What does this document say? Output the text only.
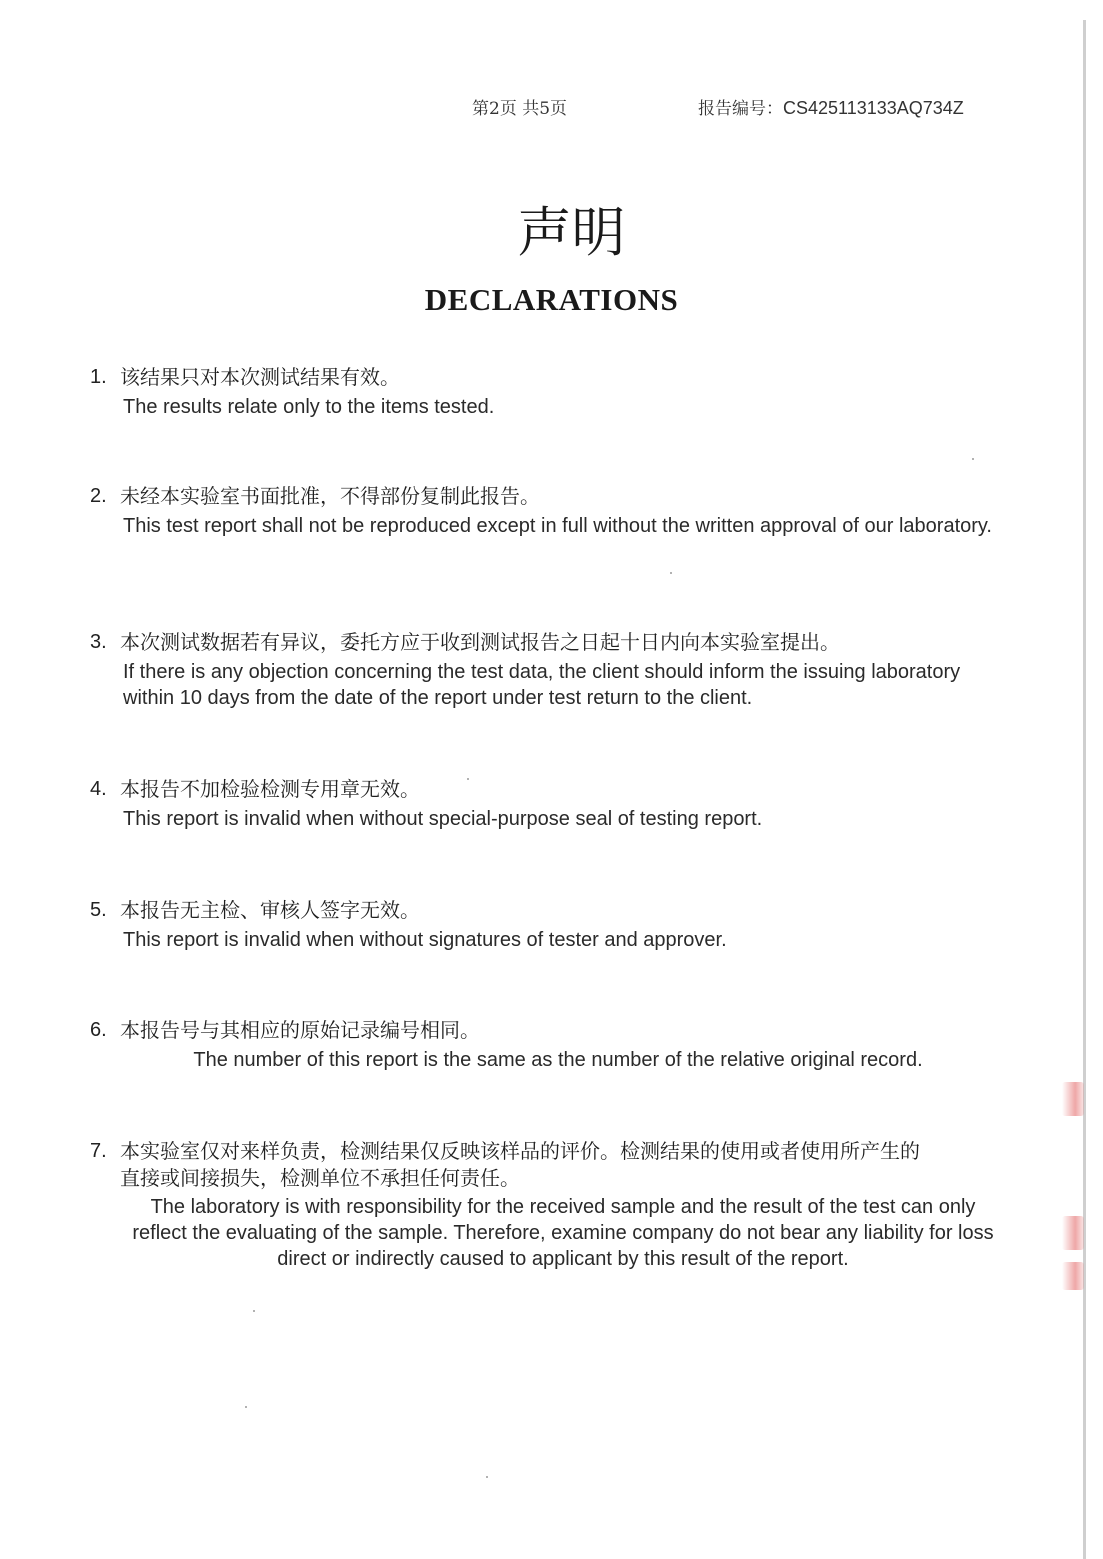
第2页 共5页	报告编号：CS425113133AQ734Z
声明
DECLARATIONS
1. 该结果只对本次测试结果有效。
The results relate only to the items tested.
2. 未经本实验室书面批准，不得部份复制此报告。
This test report shall not be reproduced except in full without the written approval of our laboratory.
3. 本次测试数据若有异议，委托方应于收到测试报告之日起十日内向本实验室提出。
If there is any objection concerning the test data, the client should inform the issuing laboratory within 10 days from the date of the report under test return to the client.
4. 本报告不加检验检测专用章无效。
This report is invalid when without special-purpose seal of testing report.
5. 本报告无主检、审核人签字无效。
This report is invalid when without signatures of tester and approver.
6. 本报告号与其相应的原始记录编号相同。
The number of this report is the same as the number of the relative original record.
7. 本实验室仅对来样负责，检测结果仅反映该样品的评价。检测结果的使用或者使用所产生的
直接或间接损失，检测单位不承担任何责任。
The laboratory is with responsibility for the received sample and the result of the test can only reflect the evaluating of the sample. Therefore, examine company do not bear any liability for loss direct or indirectly caused to applicant by this result of the report.
